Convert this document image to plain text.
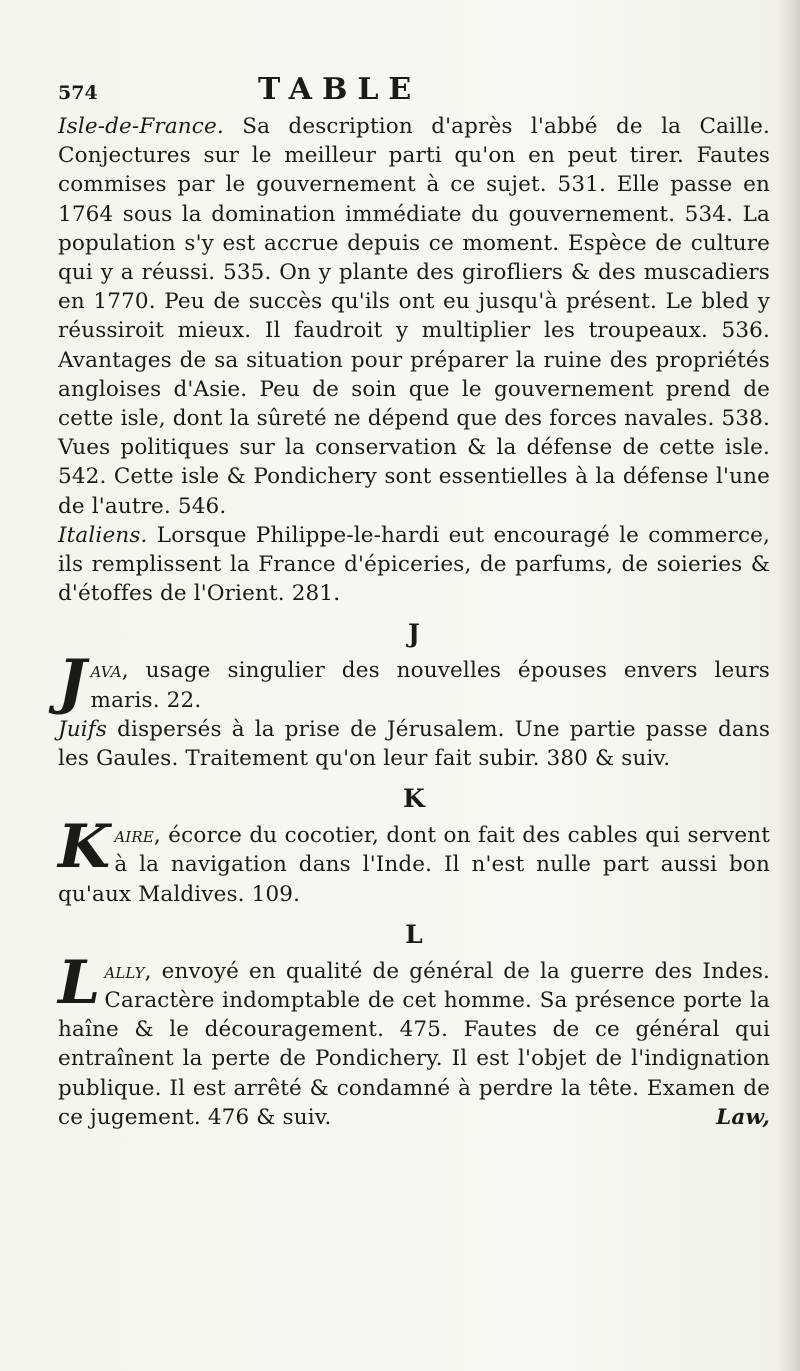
574	TABLE

Isle-de-France. Sa description d'après l'abbé de la Caille. Conjectures sur le meilleur parti qu'on en peut tirer. Fautes commises par le gouvernement à ce sujet. 531. Elle passe en 1764 sous la domination immédiate du gouvernement. 534. La population s'y est accrue depuis ce moment. Espèce de culture qui y a réussi. 535. On y plante des girofliers & des muscadiers en 1770. Peu de succès qu'ils ont eu jusqu'à présent. Le bled y réussiroit mieux. Il faudroit y multiplier les troupeaux. 536. Avantages de sa situation pour préparer la ruine des propriétés angloises d'Asie. Peu de soin que le gouvernement prend de cette isle, dont la sûreté ne dépend que des forces navales. 538. Vues politiques sur la conservation & la défense de cette isle. 542. Cette isle & Pondichery sont essentielles à la défense l'une de l'autre. 546.

Italiens. Lorsque Philippe-le-hardi eut encouragé le commerce, ils remplissent la France d'épiceries, de parfums, de soieries & d'étoffes de l'Orient. 281.

J

J ava, usage singulier des nouvelles épouses envers leurs maris. 22.

Juifs dispersés à la prise de Jérusalem. Une partie passe dans les Gaules. Traitement qu'on leur fait subir. 380 & suiv.

K

K aire, écorce du cocotier, dont on fait des cables qui servent à la navigation dans l'Inde. Il n'est nulle part aussi bon qu'aux Maldives. 109.

L

L ally, envoyé en qualité de général de la guerre des Indes. Caractère indomptable de cet homme. Sa présence porte la haîne & le découragement. 475. Fautes de ce général qui entraînent la perte de Pondichery. Il est l'objet de l'indignation publique. Il est arrêté & condamné à perdre la tête. Examen de ce jugement. 476 & suiv.	Law,
